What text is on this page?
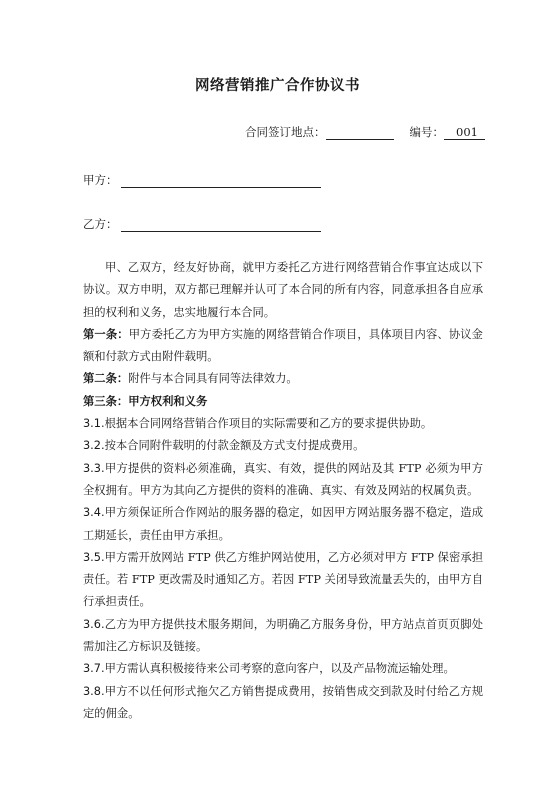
网络营销推广合作协议书
合同签订地点：	编号： 001
甲方：
乙方：

甲、乙双方，经友好协商，就甲方委托乙方进行网络营销合作事宜达成以下协议。双方申明，双方都已理解并认可了本合同的所有内容，同意承担各自应承担的权利和义务，忠实地履行本合同。

第一条：甲方委托乙方为甲方实施的网络营销合作项目，具体项目内容、协议金额和付款方式由附件载明。

第二条：附件与本合同具有同等法律效力。

第三条：甲方权利和义务

3.1.根据本合同网络营销合作项目的实际需要和乙方的要求提供协助。

3.2.按本合同附件载明的付款金额及方式支付提成费用。

3.3.甲方提供的资料必须准确，真实、有效，提供的网站及其 FTP 必须为甲方全权拥有。甲方为其向乙方提供的资料的准确、真实、有效及网站的权属负责。

3.4.甲方须保证所合作网站的服务器的稳定，如因甲方网站服务器不稳定，造成工期延长，责任由甲方承担。

3.5.甲方需开放网站 FTP 供乙方维护网站使用，乙方必须对甲方 FTP 保密承担责任。若 FTP 更改需及时通知乙方。若因 FTP 关闭导致流量丢失的，由甲方自行承担责任。

3.6.乙方为甲方提供技术服务期间，为明确乙方服务身份，甲方站点首页页脚处需加注乙方标识及链接。

3.7.甲方需认真积极接待来公司考察的意向客户，以及产品物流运输处理。

3.8.甲方不以任何形式拖欠乙方销售提成费用，按销售成交到款及时付给乙方规定的佣金。
